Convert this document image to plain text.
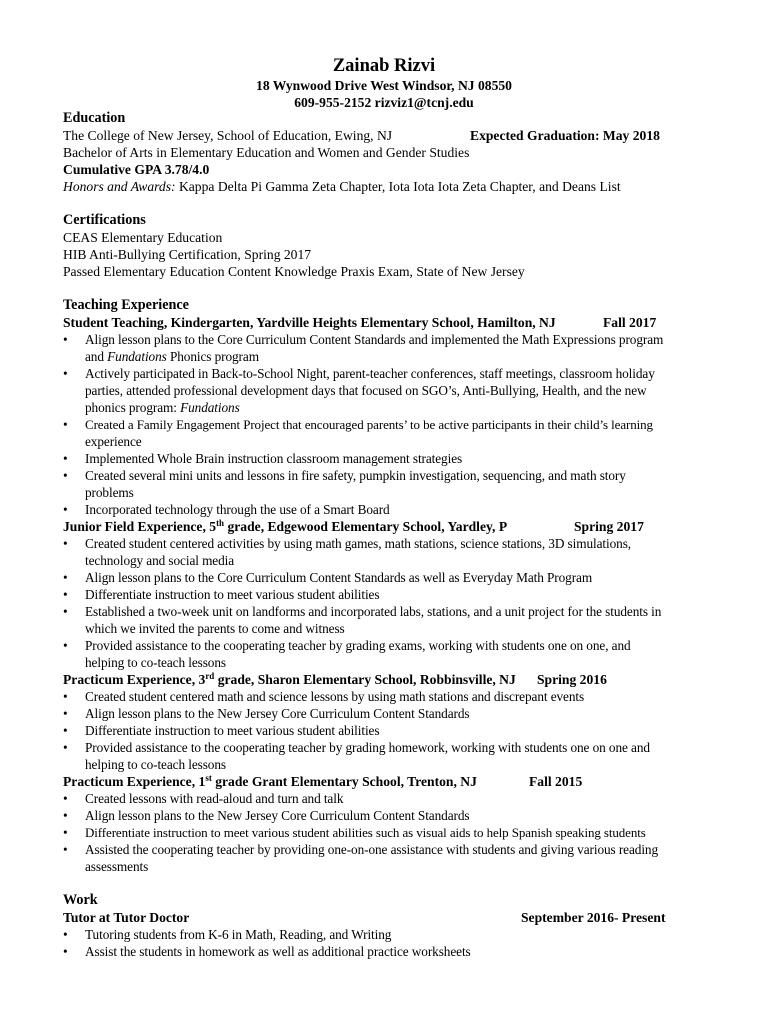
Zainab Rizvi
18 Wynwood Drive West Windsor, NJ 08550
609-955-2152 rizviz1@tcnj.edu
Education
The College of New Jersey, School of Education, Ewing, NJ	Expected Graduation: May 2018
Bachelor of Arts in Elementary Education and Women and Gender Studies
Cumulative GPA 3.78/4.0
Honors and Awards: Kappa Delta Pi Gamma Zeta Chapter, Iota Iota Iota Zeta Chapter, and Deans List
Certifications
CEAS Elementary Education
HIB Anti-Bullying Certification, Spring 2017
Passed Elementary Education Content Knowledge Praxis Exam, State of New Jersey
Teaching Experience
Student Teaching, Kindergarten, Yardville Heights Elementary School, Hamilton, NJ	Fall 2017
• Align lesson plans to the Core Curriculum Content Standards and implemented the Math Expressions program
and Fundations Phonics program
• Actively participated in Back-to-School Night, parent-teacher conferences, staff meetings, classroom holiday
parties, attended professional development days that focused on SGO’s, Anti-Bullying, Health, and the new
phonics program: Fundations
• Created a Family Engagement Project that encouraged parents’ to be active participants in their child’s learning
experience
• Implemented Whole Brain instruction classroom management strategies
• Created several mini units and lessons in fire safety, pumpkin investigation, sequencing, and math story
problems
• Incorporated technology through the use of a Smart Board
Junior Field Experience, 5th grade, Edgewood Elementary School, Yardley, P	Spring 2017
• Created student centered activities by using math games, math stations, science stations, 3D simulations,
technology and social media
• Align lesson plans to the Core Curriculum Content Standards as well as Everyday Math Program
• Differentiate instruction to meet various student abilities
• Established a two-week unit on landforms and incorporated labs, stations, and a unit project for the students in
which we invited the parents to come and witness
• Provided assistance to the cooperating teacher by grading exams, working with students one on one, and
helping to co-teach lessons
Practicum Experience, 3rd grade, Sharon Elementary School, Robbinsville, NJ Spring 2016
• Created student centered math and science lessons by using math stations and discrepant events
• Align lesson plans to the New Jersey Core Curriculum Content Standards
• Differentiate instruction to meet various student abilities
• Provided assistance to the cooperating teacher by grading homework, working with students one on one and
helping to co-teach lessons
Practicum Experience, 1st grade Grant Elementary School, Trenton, NJ	Fall 2015
• Created lessons with read-aloud and turn and talk
• Align lesson plans to the New Jersey Core Curriculum Content Standards
• Differentiate instruction to meet various student abilities such as visual aids to help Spanish speaking students
• Assisted the cooperating teacher by providing one-on-one assistance with students and giving various reading
assessments
Work
Tutor at Tutor Doctor	September 2016- Present
• Tutoring students from K-6 in Math, Reading, and Writing
• Assist the students in homework as well as additional practice worksheets
